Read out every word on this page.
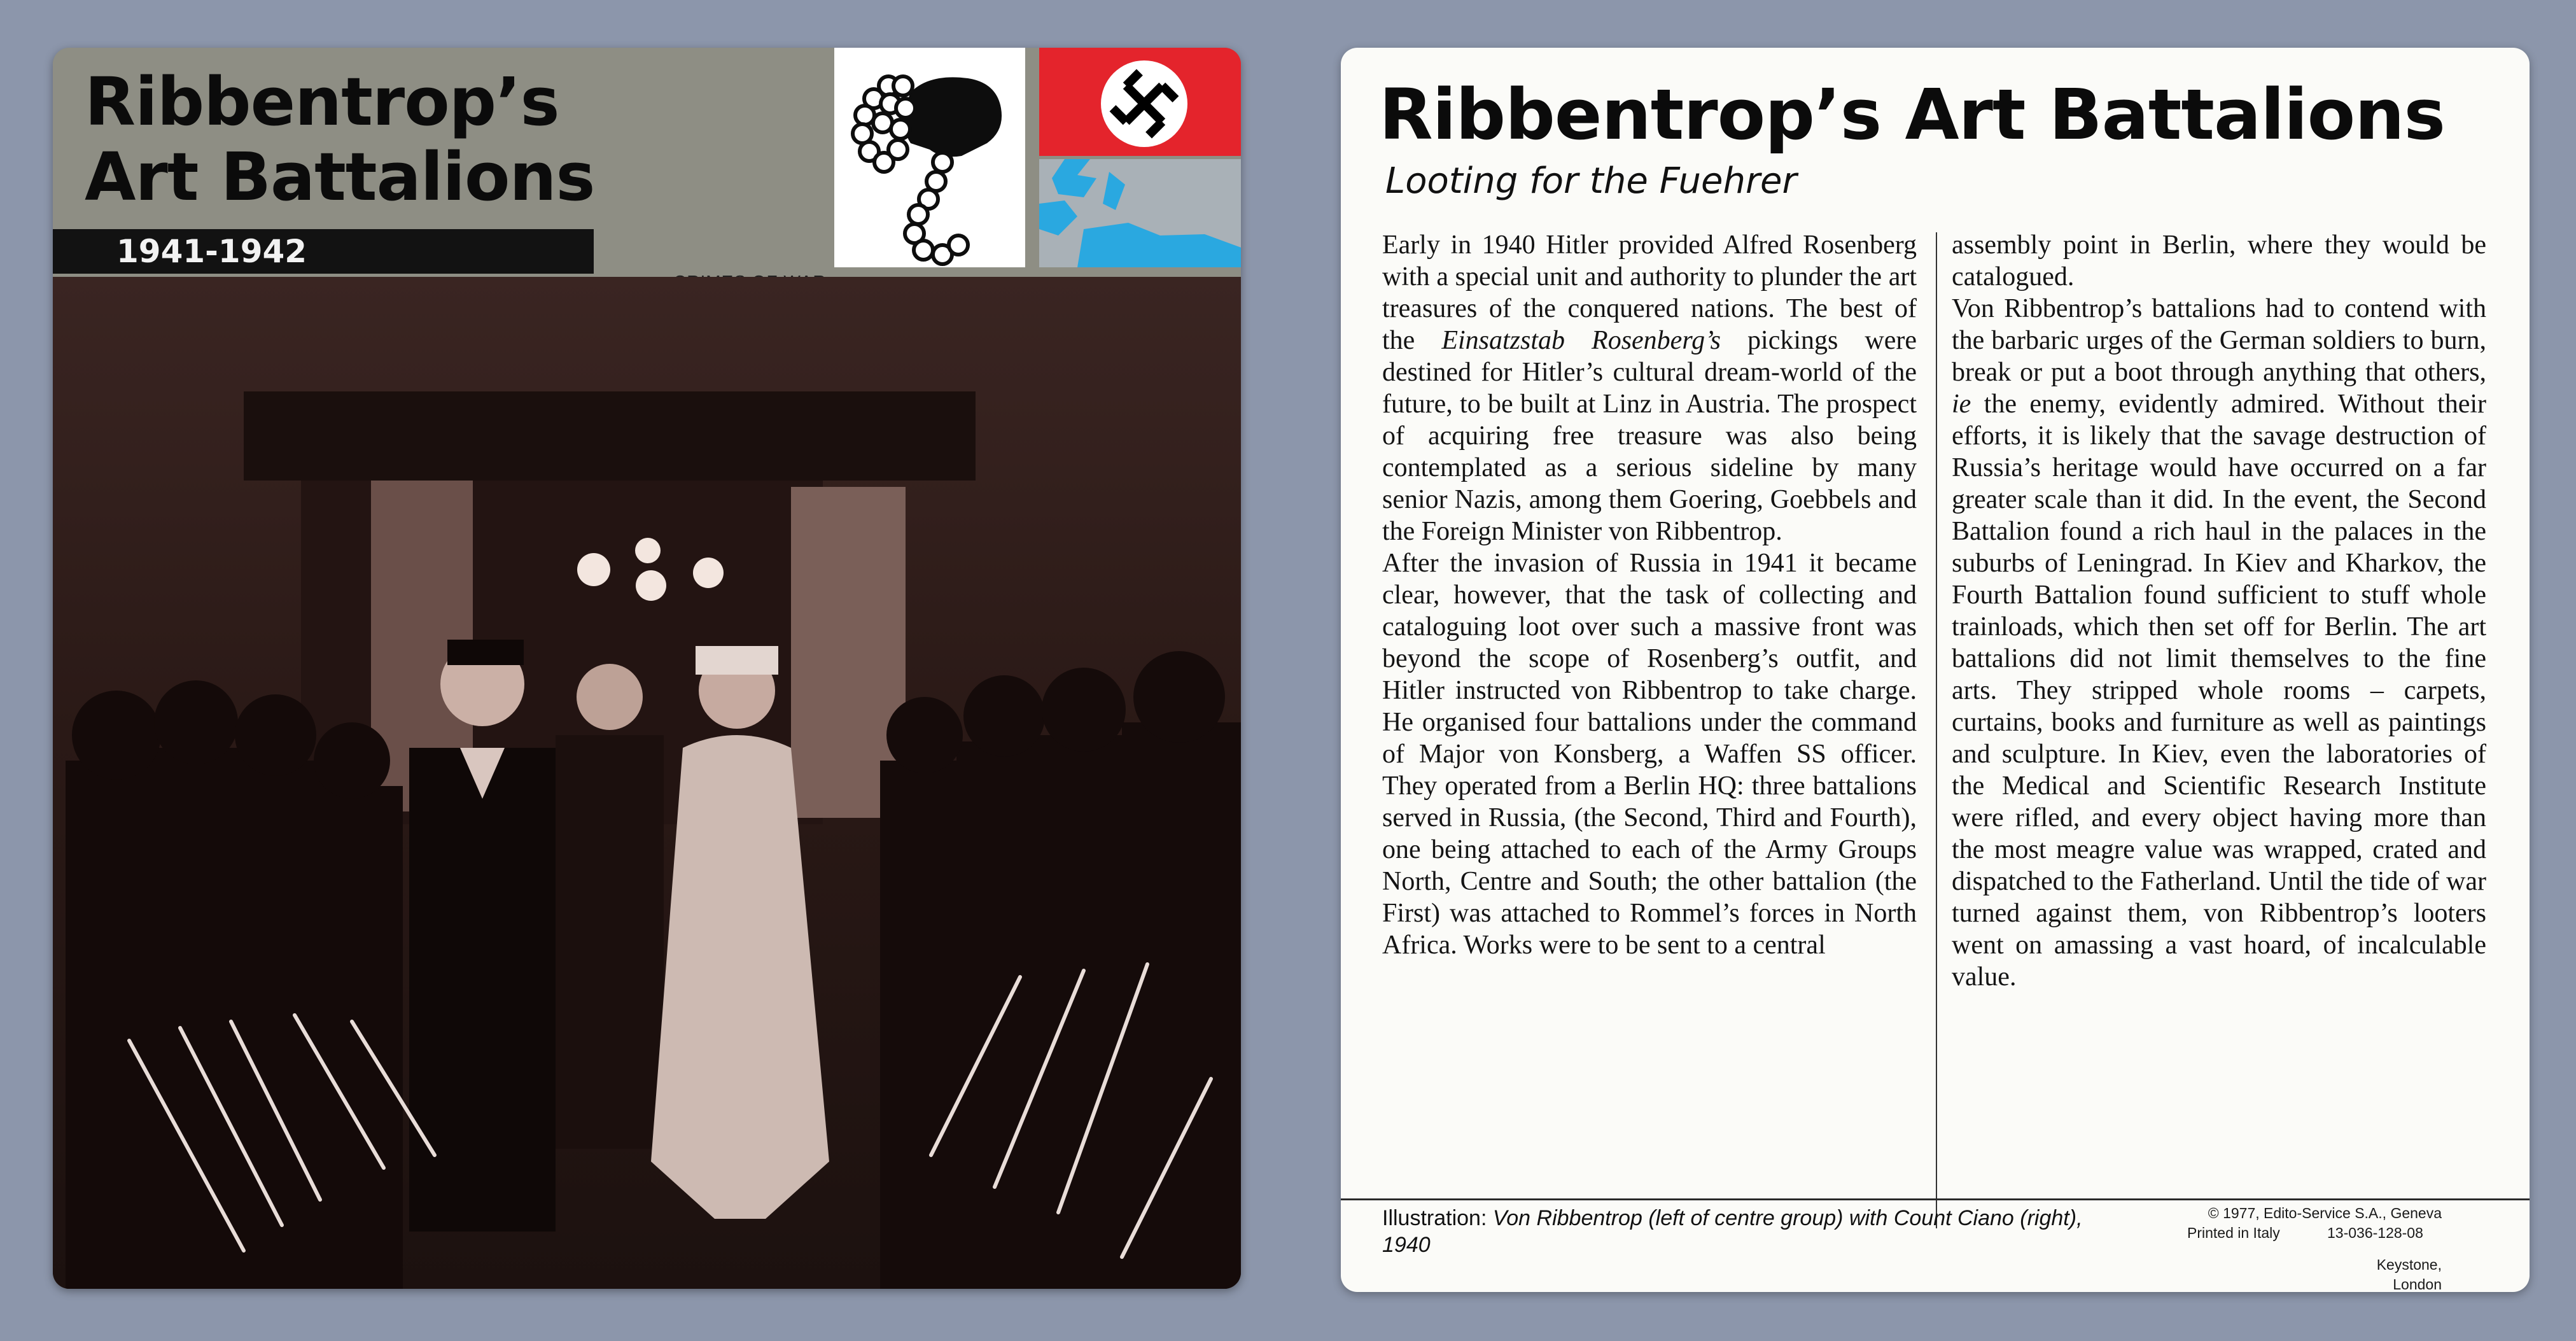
Ribbentrop’s
Art Battalions
1941-1942
Ribbentrop’s Art Battalions
Looting for the Fuehrer

Early in 1940 Hitler provided Alfred Rosenberg with a special unit and authority to plunder the art treasures of the conquered nations. The best of the Einsatzstab Rosenberg’s pickings were destined for Hitler’s cultural dream-world of the future, to be built at Linz in Austria. The prospect of acquiring free treasure was also being contemplated as a serious sideline by many senior Nazis, among them Goering, Goebbels and the Foreign Minister von Ribbentrop.

After the invasion of Russia in 1941 it became clear, however, that the task of collecting and cataloguing loot over such a massive front was beyond the scope of Rosenberg’s outfit, and Hitler instructed von Ribbentrop to take charge. He organised four battalions under the command of Major von Konsberg, a Waffen SS officer. They operated from a Berlin HQ: three battalions served in Russia, (the Second, Third and Fourth), one being attached to each of the Army Groups North, Centre and South; the other battalion (the First) was attached to Rommel’s forces in North Africa. Works were to be sent to a central

assembly point in Berlin, where they would be catalogued.

Von Ribbentrop’s battalions had to contend with the barbaric urges of the German soldiers to burn, break or put a boot through anything that others, ie the enemy, evidently admired. Without their efforts, it is likely that the savage destruction of Russia’s heritage would have occurred on a far greater scale than it did. In the event, the Second Battalion found a rich haul in the palaces in the suburbs of Leningrad. In Kiev and Kharkov, the Fourth Battalion found sufficient to stuff whole trainloads, which then set off for Berlin. The art battalions did not limit themselves to the fine arts. They stripped whole rooms – carpets, curtains, books and furniture as well as paintings and sculpture. In Kiev, even the laboratories of the Medical and Scientific Research Institute were rifled, and every object having more than the most meagre value was wrapped, crated and dispatched to the Fatherland. Until the tide of war turned against them, von Ribbentrop’s looters went on amassing a vast hoard, of incalculable value.

Illustration: Von Ribbentrop (left of centre group) with Count Ciano (right), 1940
© 1977, Edito-Service S.A., Geneva
Printed in Italy	13-036-128-08
Keystone, London
